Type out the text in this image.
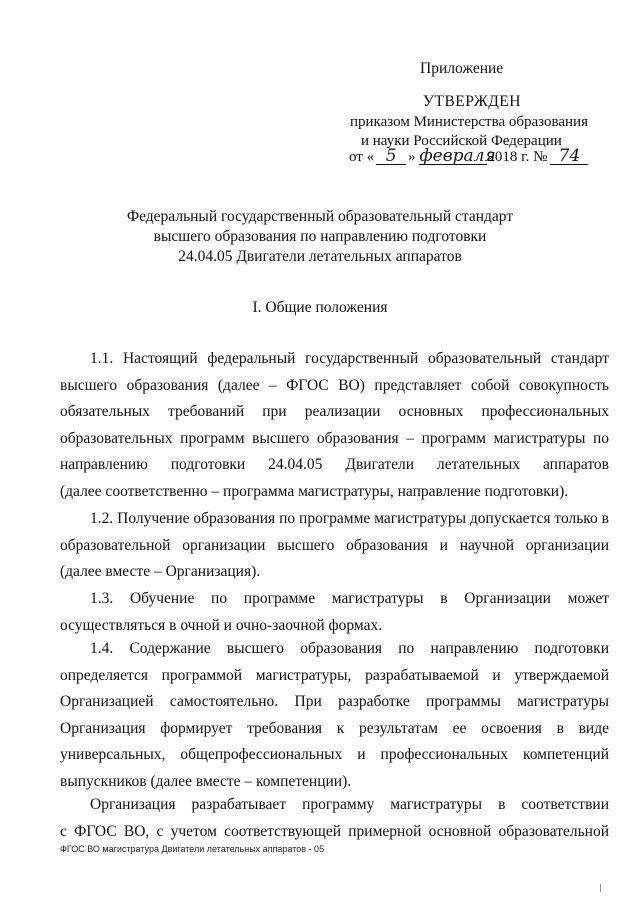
Приложение
УТВЕРЖДЕН
приказом Министерства образования
и науки Российской Федерации
от « 5 » февраля2018 г. № 74
Федеральный государственный образовательный стандарт
высшего образования по направлению подготовки
24.04.05 Двигатели летательных аппаратов
I. Общие положения
1.1. Настоящий федеральный государственный образовательный стандарт
высшего образования (далее – ФГОС ВО) представляет собой совокупность
обязательных требований при реализации основных профессиональных
образовательных программ высшего образования – программ магистратуры по
направлению подготовки 24.04.05 Двигатели летательных аппаратов
(далее соответственно – программа магистратуры, направление подготовки).
1.2. Получение образования по программе магистратуры допускается только в
образовательной организации высшего образования и научной организации
(далее вместе – Организация).
1.3. Обучение по программе магистратуры в Организации может
осуществляться в очной и очно-заочной формах.
1.4. Содержание высшего образования по направлению подготовки
определяется программой магистратуры, разрабатываемой и утверждаемой
Организацией самостоятельно. При разработке программы магистратуры
Организация формирует требования к результатам ее освоения в виде
универсальных, общепрофессиональных и профессиональных компетенций
выпускников (далее вместе – компетенции).
Организация разрабатывает программу магистратуры в соответствии
с ФГОС ВО, с учетом соответствующей примерной основной образовательной
ФГОС ВО магистратура Двигатели летательных аппаратов - 05
